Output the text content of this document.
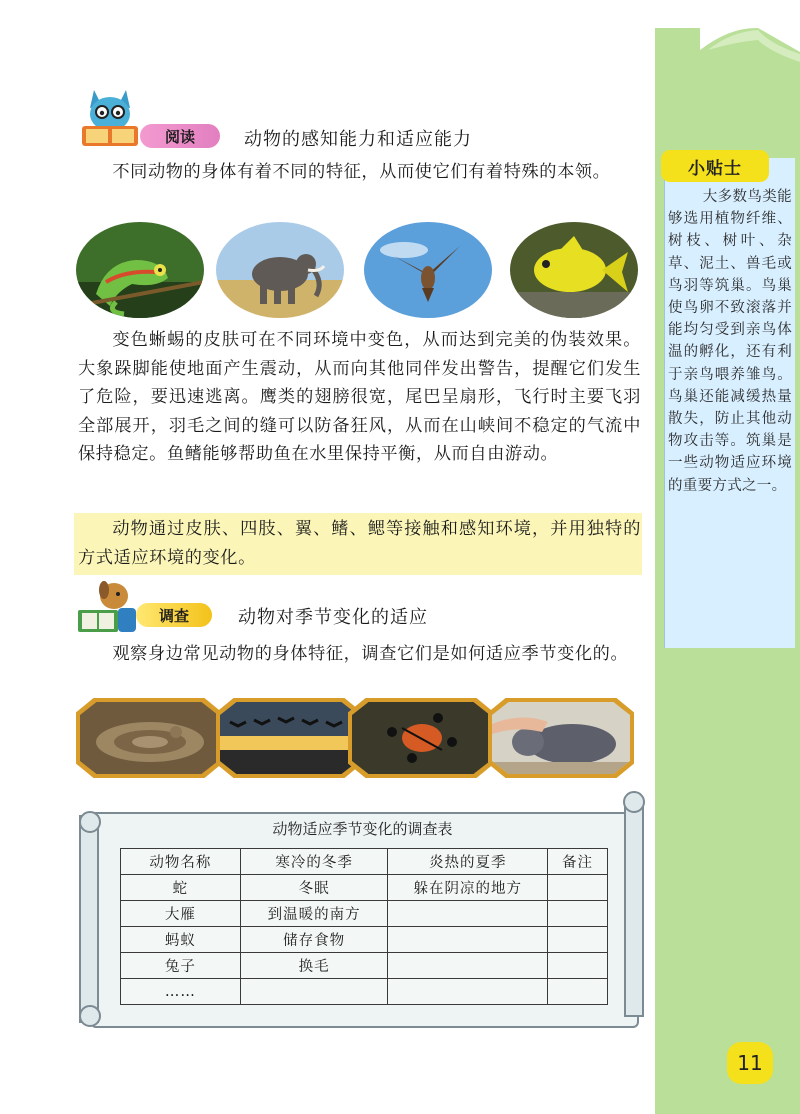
小贴士
大多数鸟类能够选用植物纤维、树枝、树叶、杂草、泥土、兽毛或鸟羽等筑巢。鸟巢使鸟卵不致滚落并能均匀受到亲鸟体温的孵化，还有利于亲鸟喂养雏鸟。鸟巢还能减缓热量散失，防止其他动物攻击等。筑巢是一些动物适应环境的重要方式之一。
11
阅读	动物的感知能力和适应能力
不同动物的身体有着不同的特征，从而使它们有着特殊的本领。
变色蜥蜴的皮肤可在不同环境中变色，从而达到完美的伪装效果。大象跺脚能使地面产生震动，从而向其他同伴发出警告，提醒它们发生了危险，要迅速逃离。鹰类的翅膀很宽，尾巴呈扇形，飞行时主要飞羽全部展开，羽毛之间的缝可以防备狂风，从而在山峡间不稳定的气流中保持稳定。鱼鳍能够帮助鱼在水里保持平衡，从而自由游动。
动物通过皮肤、四肢、翼、鳍、鳃等接触和感知环境，并用独特的方式适应环境的变化。
调查	动物对季节变化的适应
观察身边常见动物的身体特征，调查它们是如何适应季节变化的。
动物适应季节变化的调查表
动物名称	寒冷的冬季	炎热的夏季	备注
蛇	冬眠	躲在阴凉的地方	
大雁	到温暖的南方		
蚂蚁	储存食物		
兔子	换毛		
……			
